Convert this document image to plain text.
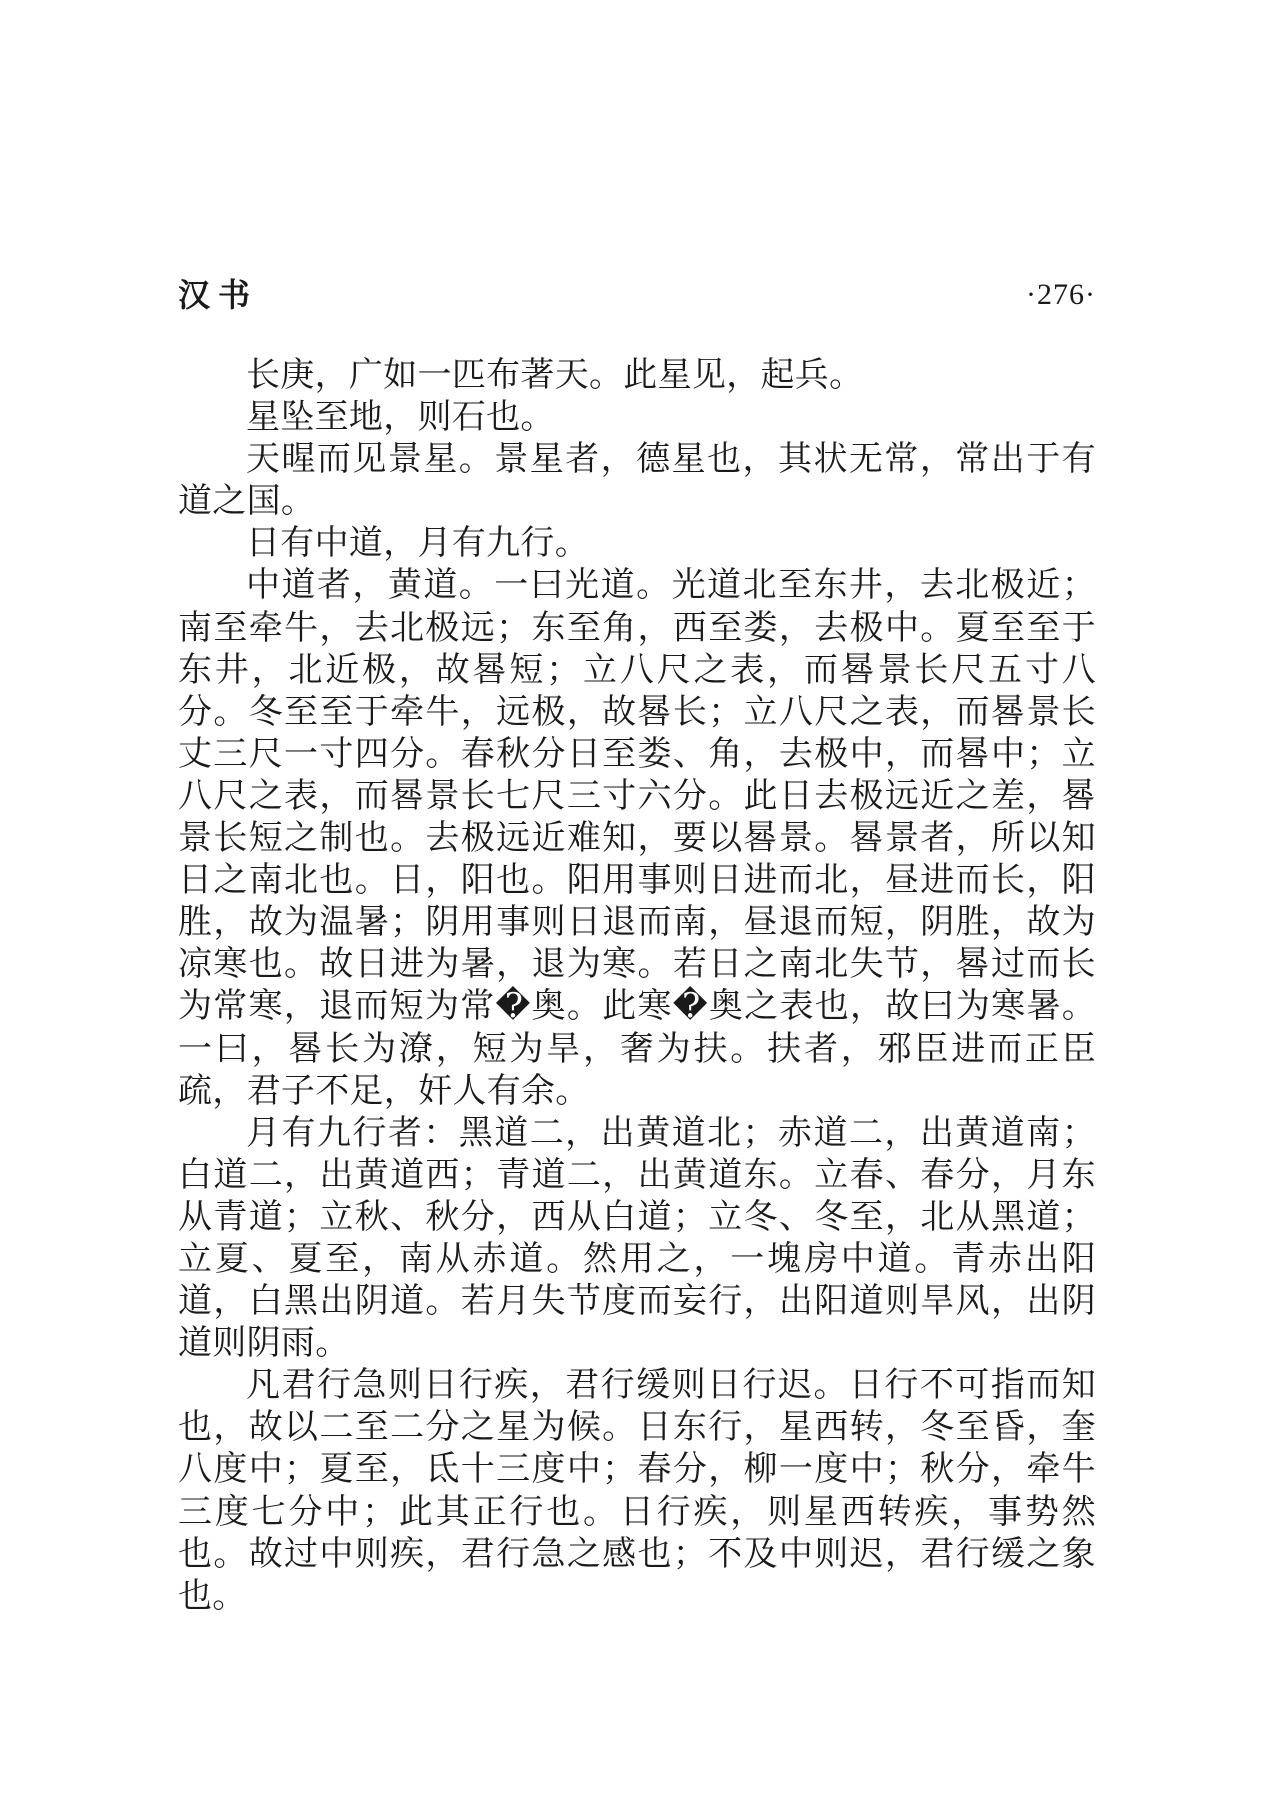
汉书	·276·

长庚，广如一匹布著天。此星见，起兵。

星坠至地，则石也。

天暒而见景星。景星者，德星也，其状无常，常出于有道之国。

日有中道，月有九行。

中道者，黄道。一曰光道。光道北至东井，去北极近；南至牵牛，去北极远；东至角，西至娄，去极中。夏至至于东井，北近极，故晷短；立八尺之表，而晷景长尺五寸八分。冬至至于牵牛，远极，故晷长；立八尺之表，而晷景长丈三尺一寸四分。春秋分日至娄、角，去极中，而晷中；立八尺之表，而晷景长七尺三寸六分。此日去极远近之差，晷景长短之制也。去极远近难知，要以晷景。晷景者，所以知日之南北也。日，阳也。阳用事则日进而北，昼进而长，阳胜，故为温暑；阴用事则日退而南，昼退而短，阴胜，故为凉寒也。故日进为暑，退为寒。若日之南北失节，晷过而长为常寒，退而短为常�奥。此寒�奥之表也，故曰为寒暑。一曰，晷长为潦，短为旱，奢为扶。扶者，邪臣进而正臣疏，君子不足，奸人有余。

月有九行者：黑道二，出黄道北；赤道二，出黄道南；白道二，出黄道西；青道二，出黄道东。立春、春分，月东从青道；立秋、秋分，西从白道；立冬、冬至，北从黑道；立夏、夏至，南从赤道。然用之，一塊房中道。青赤出阳道，白黑出阴道。若月失节度而妄行，出阳道则旱风，出阴道则阴雨。

凡君行急则日行疾，君行缓则日行迟。日行不可指而知也，故以二至二分之星为候。日东行，星西转，冬至昏，奎八度中；夏至，氐十三度中；春分，柳一度中；秋分，牵牛三度七分中；此其正行也。日行疾，则星西转疾，事势然也。故过中则疾，君行急之感也；不及中则迟，君行缓之象也。
